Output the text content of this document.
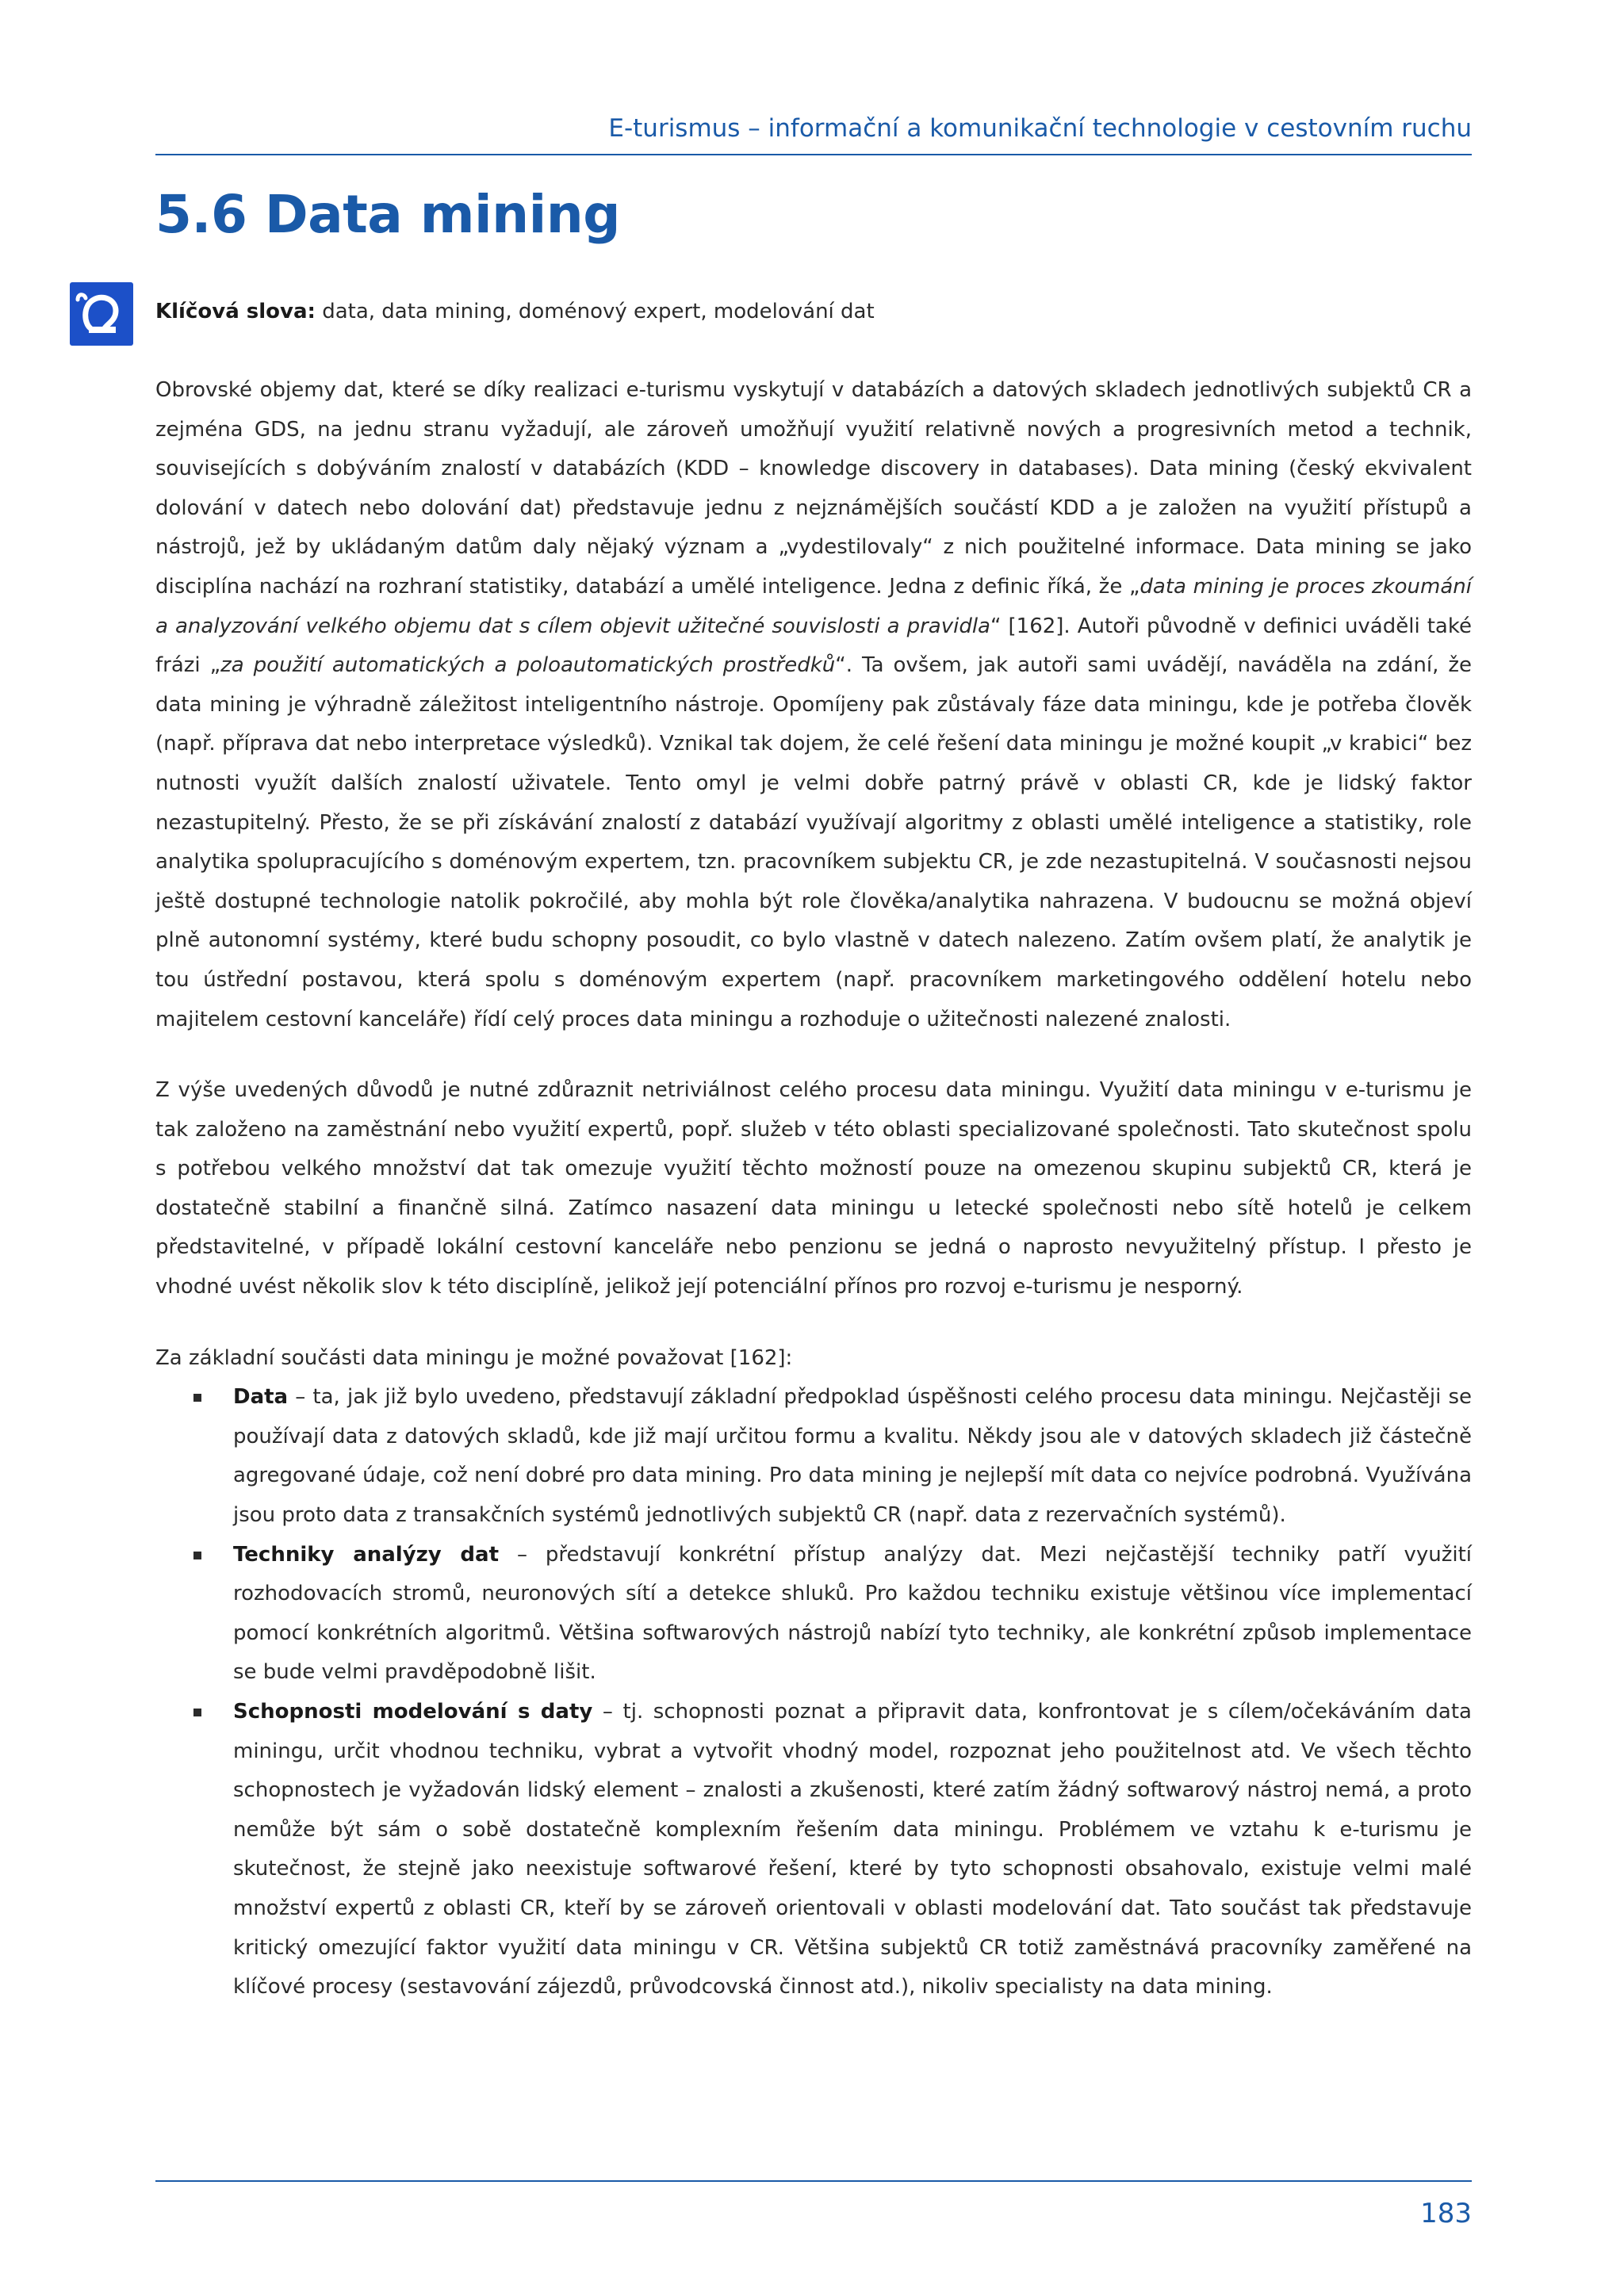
E-turismus – informační a komunikační technologie v cestovním ruchu
5.6 Data mining
Klíčová slova: data, data mining, doménový expert, modelování dat

Obrovské objemy dat, které se díky realizaci e-turismu vyskytují v databázích a datových skladech jednotlivých subjektů CR a zejména GDS, na jednu stranu vyžadují, ale zároveň umožňují využití relativně nových a progresivních metod a technik, souvisejících s dobýváním znalostí v databázích (KDD – knowledge discovery in databases). Data mining (český ekvivalent dolování v datech nebo dolování dat) představuje jednu z nejznámějších součástí KDD a je založen na využití přístupů a nástrojů, jež by ukládaným datům daly nějaký význam a „vydestilovaly“ z nich použitelné informace. Data mining se jako disciplína nachází na rozhraní statistiky, databází a umělé inteligence. Jedna z definic říká, že „data mining je proces zkoumání a analyzování velkého objemu dat s cílem objevit užitečné souvislosti a pravidla“ [162]. Autoři původně v definici uváděli také frázi „za použití automatických a poloautomatických prostředků“. Ta ovšem, jak autoři sami uvádějí, naváděla na zdání, že data mining je výhradně záležitost inteligentního nástroje. Opomíjeny pak zůstávaly fáze data miningu, kde je potřeba člověk (např. příprava dat nebo interpretace výsledků). Vznikal tak dojem, že celé řešení data miningu je možné koupit „v krabici“ bez nutnosti využít dalších znalostí uživatele. Tento omyl je velmi dobře patrný právě v oblasti CR, kde je lidský faktor nezastupitelný. Přesto, že se při získávání znalostí z databází využívají algoritmy z oblasti umělé inteligence a statistiky, role analytika spolupracujícího s doménovým expertem, tzn. pracovníkem subjektu CR, je zde nezastupitelná. V současnosti nejsou ještě dostupné technologie natolik pokročilé, aby mohla být role člověka/analytika nahrazena. V budoucnu se možná objeví plně autonomní systémy, které budu schopny posoudit, co bylo vlastně v datech nalezeno. Zatím ovšem platí, že analytik je tou ústřední postavou, která spolu s doménovým expertem (např. pracovníkem marketingového oddělení hotelu nebo majitelem cestovní kanceláře) řídí celý proces data miningu a rozhoduje o užitečnosti nalezené znalosti.

Z výše uvedených důvodů je nutné zdůraznit netriviálnost celého procesu data miningu. Využití data miningu v e-turismu je tak založeno na zaměstnání nebo využití expertů, popř. služeb v této oblasti specializované společnosti. Tato skutečnost spolu s potřebou velkého množství dat tak omezuje využití těchto možností pouze na omezenou skupinu subjektů CR, která je dostatečně stabilní a finančně silná. Zatímco nasazení data miningu u letecké společnosti nebo sítě hotelů je celkem představitelné, v případě lokální cestovní kanceláře nebo penzionu se jedná o naprosto nevyužitelný přístup. I přesto je vhodné uvést několik slov k této disciplíně, jelikož její potenciální přínos pro rozvoj e-turismu je nesporný.

Za základní součásti data miningu je možné považovat [162]:

Data – ta, jak již bylo uvedeno, představují základní předpoklad úspěšnosti celého procesu data miningu. Nejčastěji se používají data z datových skladů, kde již mají určitou formu a kvalitu. Někdy jsou ale v datových skladech již částečně agregované údaje, což není dobré pro data mining. Pro data mining je nejlepší mít data co nejvíce podrobná. Využívána jsou proto data z transakčních systémů jednotlivých subjektů CR (např. data z rezervačních systémů).
Techniky analýzy dat – představují konkrétní přístup analýzy dat. Mezi nejčastější techniky patří využití rozhodovacích stromů, neuronových sítí a detekce shluků. Pro každou techniku existuje většinou více implementací pomocí konkrétních algoritmů. Většina softwarových nástrojů nabízí tyto techniky, ale konkrétní způsob implementace se bude velmi pravděpodobně lišit.
Schopnosti modelování s daty – tj. schopnosti poznat a připravit data, konfrontovat je s cílem/očekáváním data miningu, určit vhodnou techniku, vybrat a vytvořit vhodný model, rozpoznat jeho použitelnost atd. Ve všech těchto schopnostech je vyžadován lidský element – znalosti a zkušenosti, které zatím žádný softwarový nástroj nemá, a proto nemůže být sám o sobě dostatečně komplexním řešením data miningu. Problémem ve vztahu k e-turismu je skutečnost, že stejně jako neexistuje softwarové řešení, které by tyto schopnosti obsahovalo, existuje velmi malé množství expertů z oblasti CR, kteří by se zároveň orientovali v oblasti modelování dat. Tato součást tak představuje kritický omezující faktor využití data miningu v CR. Většina subjektů CR totiž zaměstnává pracovníky zaměřené na klíčové procesy (sestavování zájezdů, průvodcovská činnost atd.), nikoliv specialisty na data mining.
183
